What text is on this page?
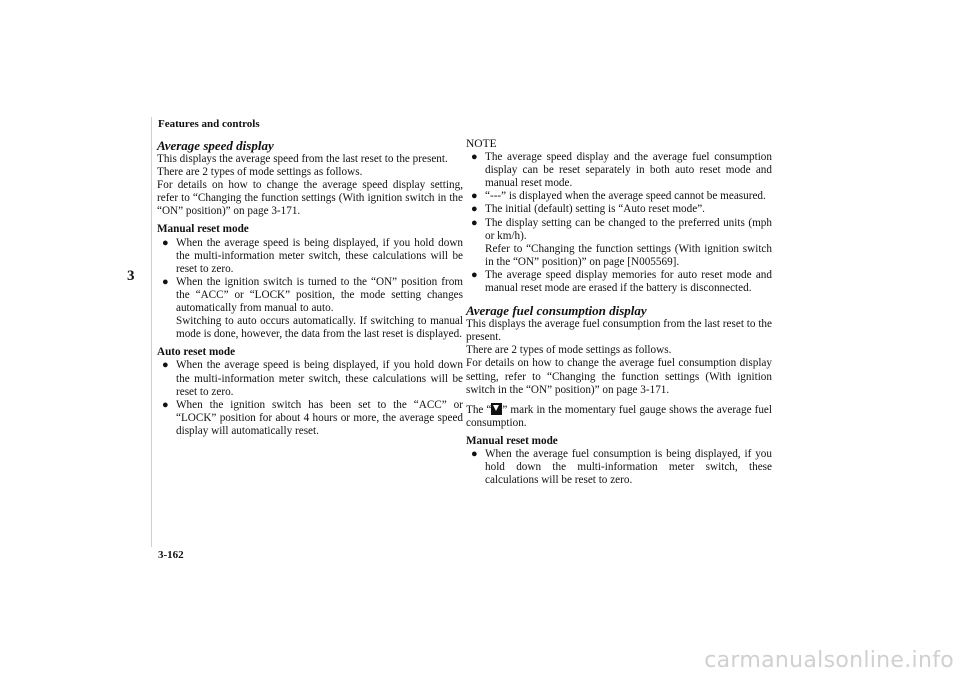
Features and controls
3
Average speed display
This displays the average speed from the last reset to the present.
There are 2 types of mode settings as follows.
For details on how to change the average speed display setting, refer to “Changing the function settings (With ignition switch in the “ON” position)” on page 3-171.
Manual reset mode
● When the average speed is being displayed, if you hold down the multi-information meter switch, these calculations will be reset to zero.
● When the ignition switch is turned to the “ON” position from the “ACC” or “LOCK” position, the mode setting changes automatically from manual to auto.
Switching to auto occurs automatically. If switching to manual mode is done, however, the data from the last reset is displayed.
Auto reset mode
● When the average speed is being displayed, if you hold down the multi-information meter switch, these calculations will be reset to zero.
● When the ignition switch has been set to the “ACC” or “LOCK” position for about 4 hours or more, the average speed display will automatically reset.
NOTE
● The average speed display and the average fuel consumption display can be reset separately in both auto reset mode and manual reset mode.
● “---” is displayed when the average speed cannot be measured.
● The initial (default) setting is “Auto reset mode”.
● The display setting can be changed to the preferred units (mph or km/h).
Refer to “Changing the function settings (With ignition switch in the “ON” position)” on page [N005569].
● The average speed display memories for auto reset mode and manual reset mode are erased if the battery is disconnected.
Average fuel consumption display
This displays the average fuel consumption from the last reset to the present.
There are 2 types of mode settings as follows.
For details on how to change the average fuel consumption display setting, refer to “Changing the function settings (With ignition switch in the “ON” position)” on page 3-171.
The “ ” mark in the momentary fuel gauge shows the average fuel consumption.
Manual reset mode
● When the average fuel consumption is being displayed, if you hold down the multi-information meter switch, these calculations will be reset to zero.
3-162
carmanualsonline.info
